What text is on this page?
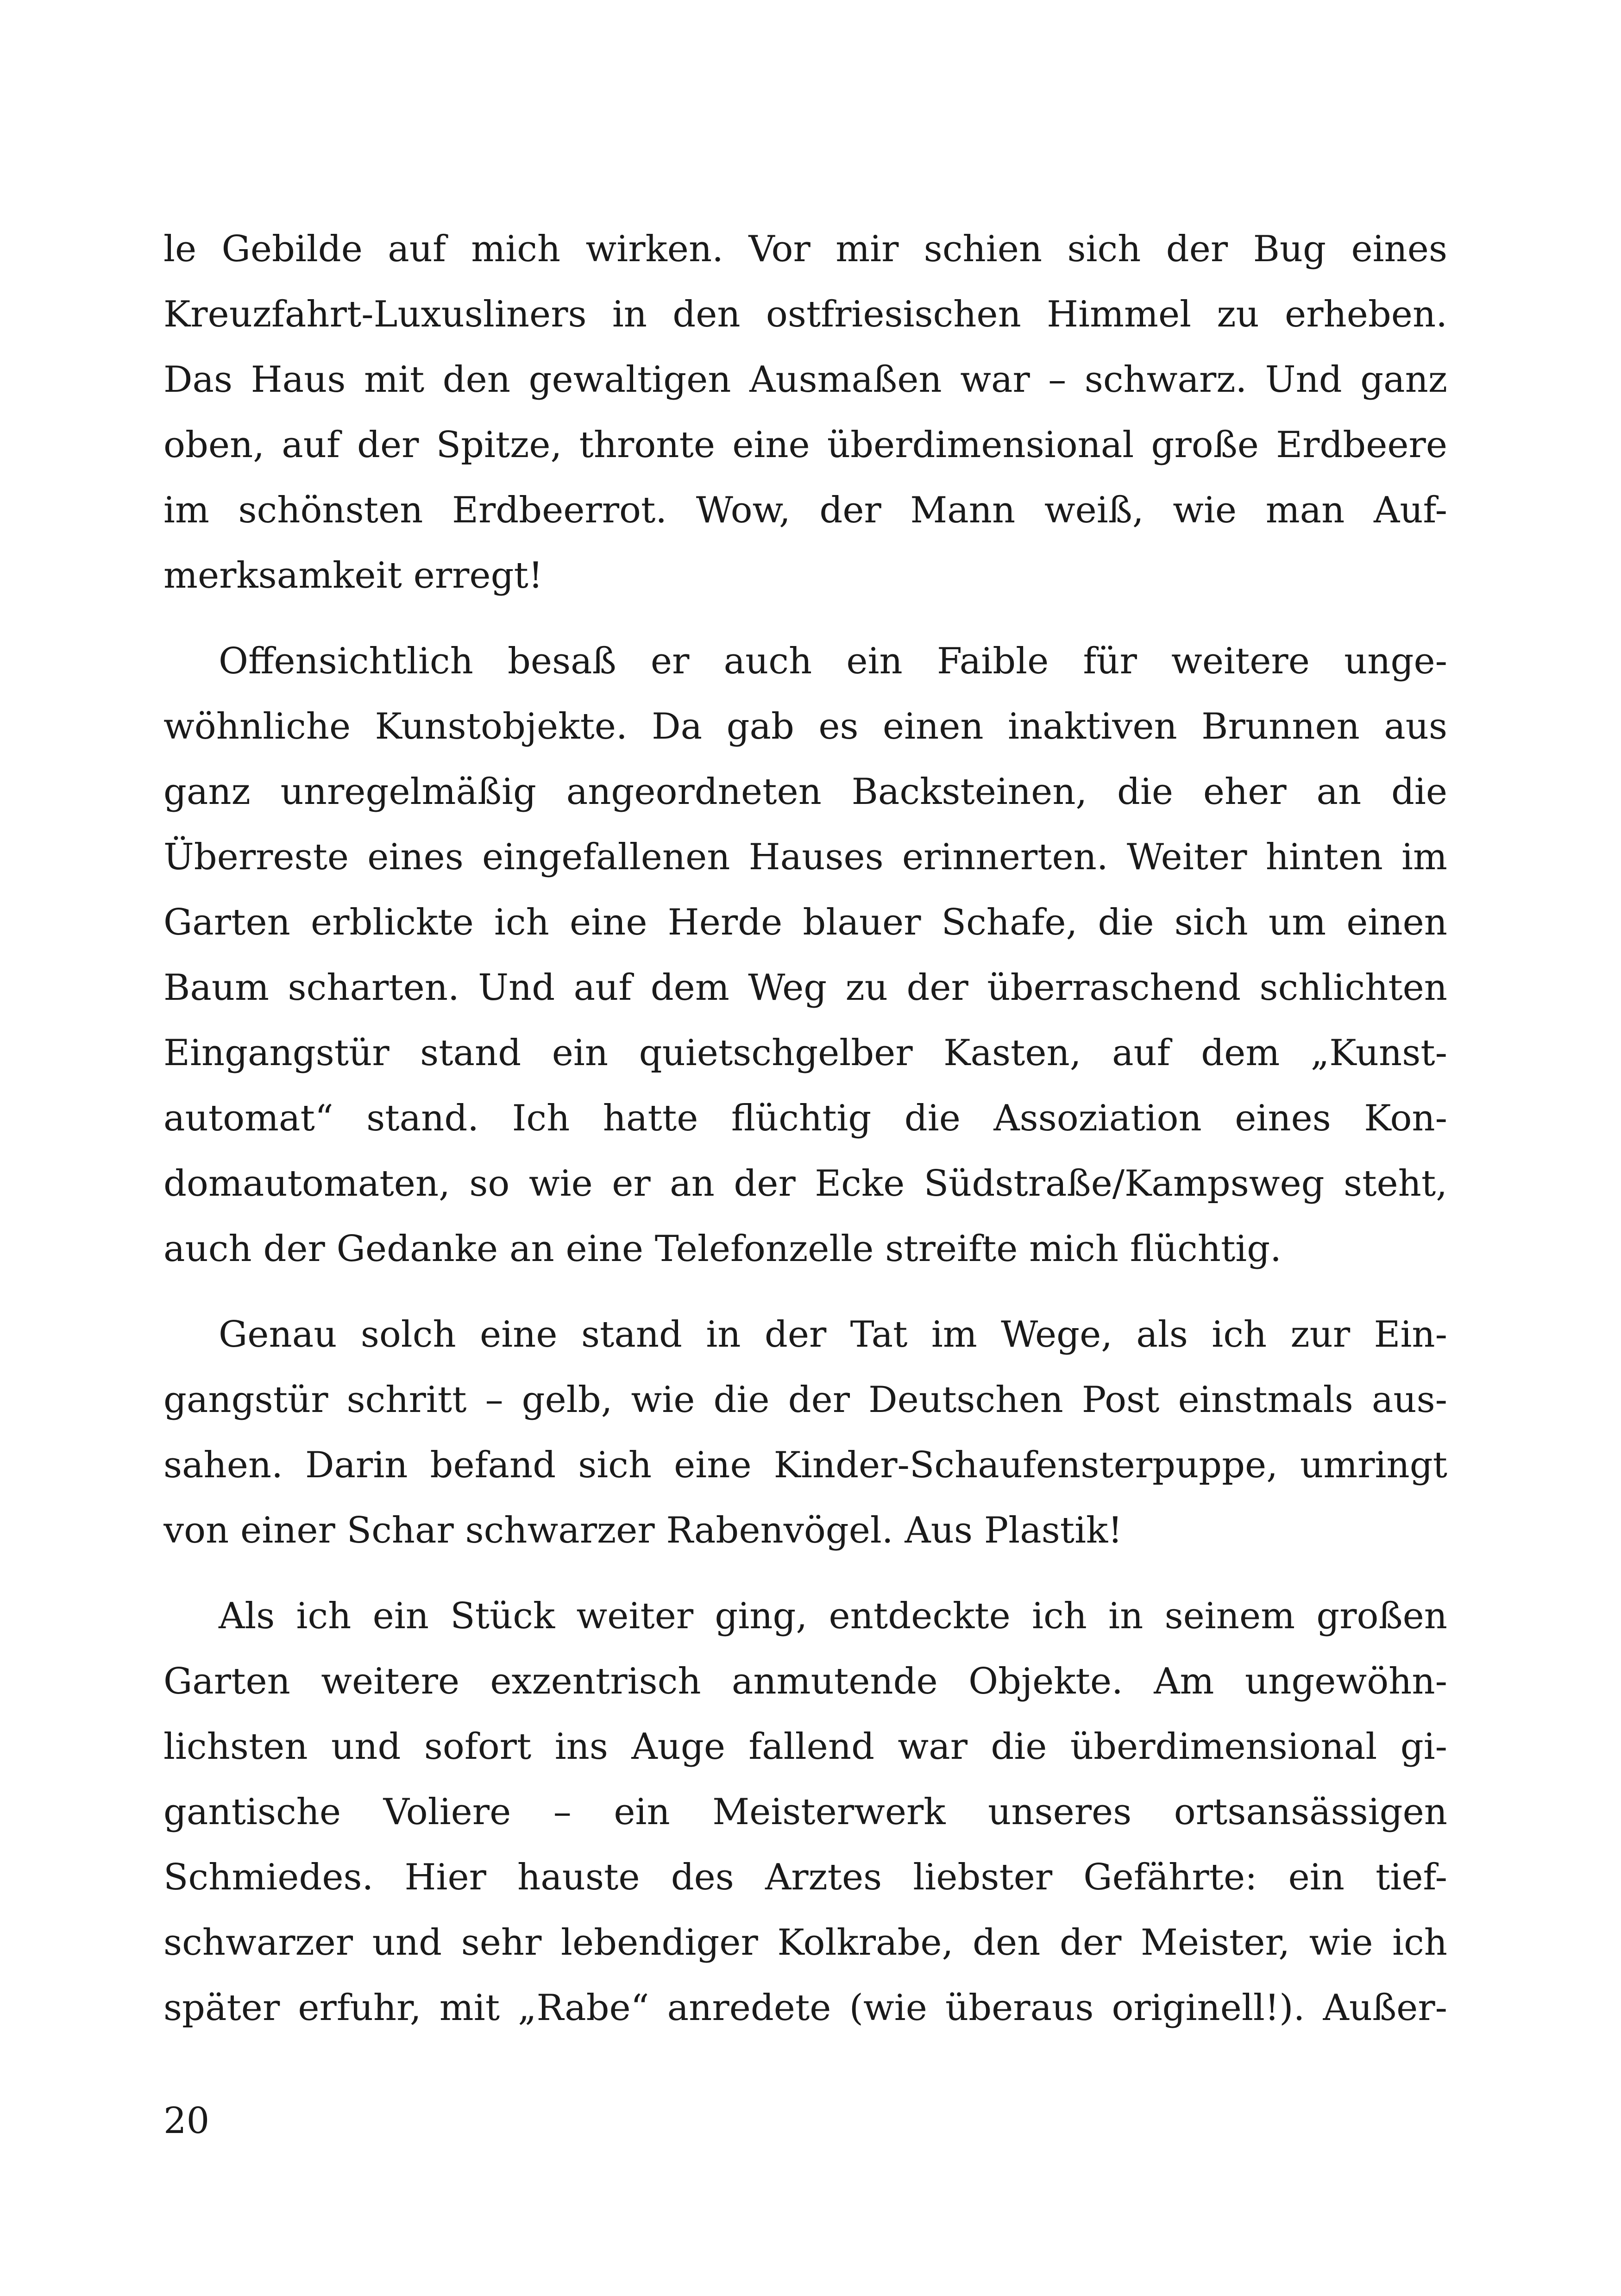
le Gebilde auf mich wirken. Vor mir schien sich der Bug eines
Kreuzfahrt-Luxusliners in den ostfriesischen Himmel zu erheben.
Das Haus mit den gewaltigen Ausmaßen war – schwarz. Und ganz
oben, auf der Spitze, thronte eine überdimensional große Erdbeere
im schönsten Erdbeerrot. Wow, der Mann weiß, wie man Auf-
merksamkeit erregt!
Offensichtlich besaß er auch ein Faible für weitere unge-
wöhnliche Kunstobjekte. Da gab es einen inaktiven Brunnen aus
ganz unregelmäßig angeordneten Backsteinen, die eher an die
Überreste eines eingefallenen Hauses erinnerten. Weiter hinten im
Garten erblickte ich eine Herde blauer Schafe, die sich um einen
Baum scharten. Und auf dem Weg zu der überraschend schlichten
Eingangstür stand ein quietschgelber Kasten, auf dem „Kunst-
automat“ stand. Ich hatte flüchtig die Assoziation eines Kon-
domautomaten, so wie er an der Ecke Südstraße/Kampsweg steht,
auch der Gedanke an eine Telefonzelle streifte mich flüchtig.
Genau solch eine stand in der Tat im Wege, als ich zur Ein-
gangstür schritt – gelb, wie die der Deutschen Post einstmals aus-
sahen. Darin befand sich eine Kinder-Schaufensterpuppe, umringt
von einer Schar schwarzer Rabenvögel. Aus Plastik!
Als ich ein Stück weiter ging, entdeckte ich in seinem großen
Garten weitere exzentrisch anmutende Objekte. Am ungewöhn-
lichsten und sofort ins Auge fallend war die überdimensional gi-
gantische Voliere – ein Meisterwerk unseres ortsansässigen
Schmiedes. Hier hauste des Arztes liebster Gefährte: ein tief-
schwarzer und sehr lebendiger Kolkrabe, den der Meister, wie ich
später erfuhr, mit „Rabe“ anredete (wie überaus originell!). Außer-
20
